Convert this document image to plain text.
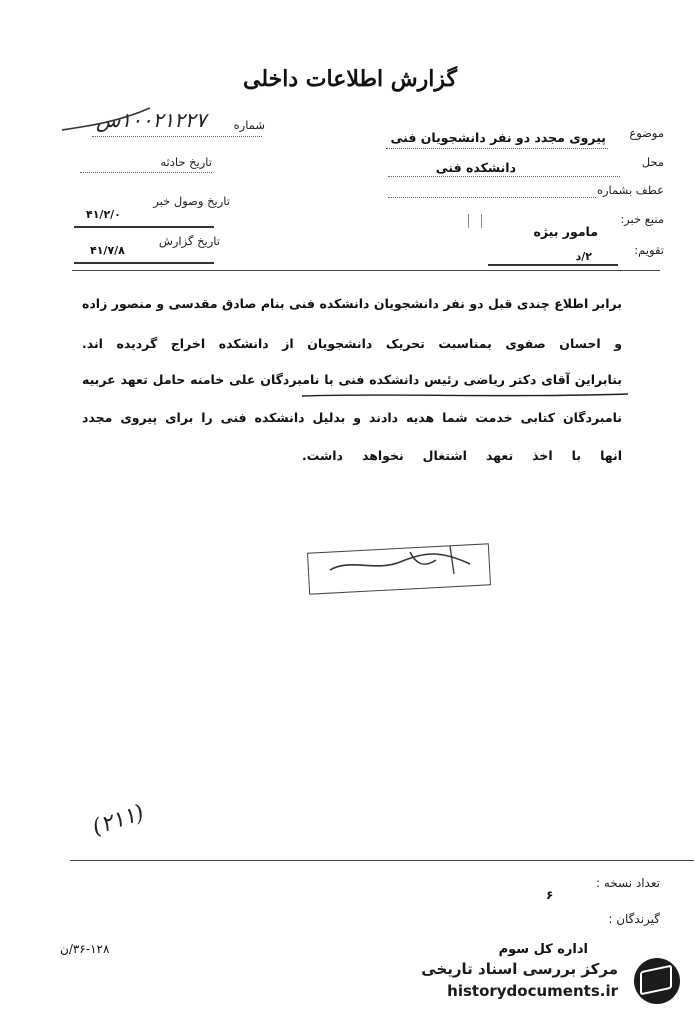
گزارش اطلاعات داخلی
شماره
۱۰۰۲۱۲۲۷س
تاریخ حادثه
تاریخ وصول خبر
۴۱/۲/۰
تاریخ گزارش
۴۱/۷/۸
موضوع
پیروی مجدد دو نفر دانشجویان فنی
محل
دانشکده فنی
عطف بشماره
منبع خبر:
مامور بیژه
تقویم:
۲/د
برابر اطلاع چندی قبل دو نفر دانشجویان دانشکده فنی بنام صادق مقدسی و منصور زاده
و احسان صفوی بمناسبت تحریک دانشجویان از دانشکده اخراج گردیده اند.
بنابراین آقای دکتر ریاضی رئیس دانشکده فنی با نامبردگان علی خامنه حامل تعهد عربیه
نامبردگان کتابی خدمت شما هدیه دادند و بدلیل دانشکده فنی را برای پیروی مجدد
انها با اخذ تعهد اشتغال نخواهد داشت.
(۲۱۱)
تعداد نسخه :
۶
گیرندگان :
اداره کل سوم
۳۶-۱۲۸/ن
مرکز بررسی اسناد تاریخی
historydocuments.ir
